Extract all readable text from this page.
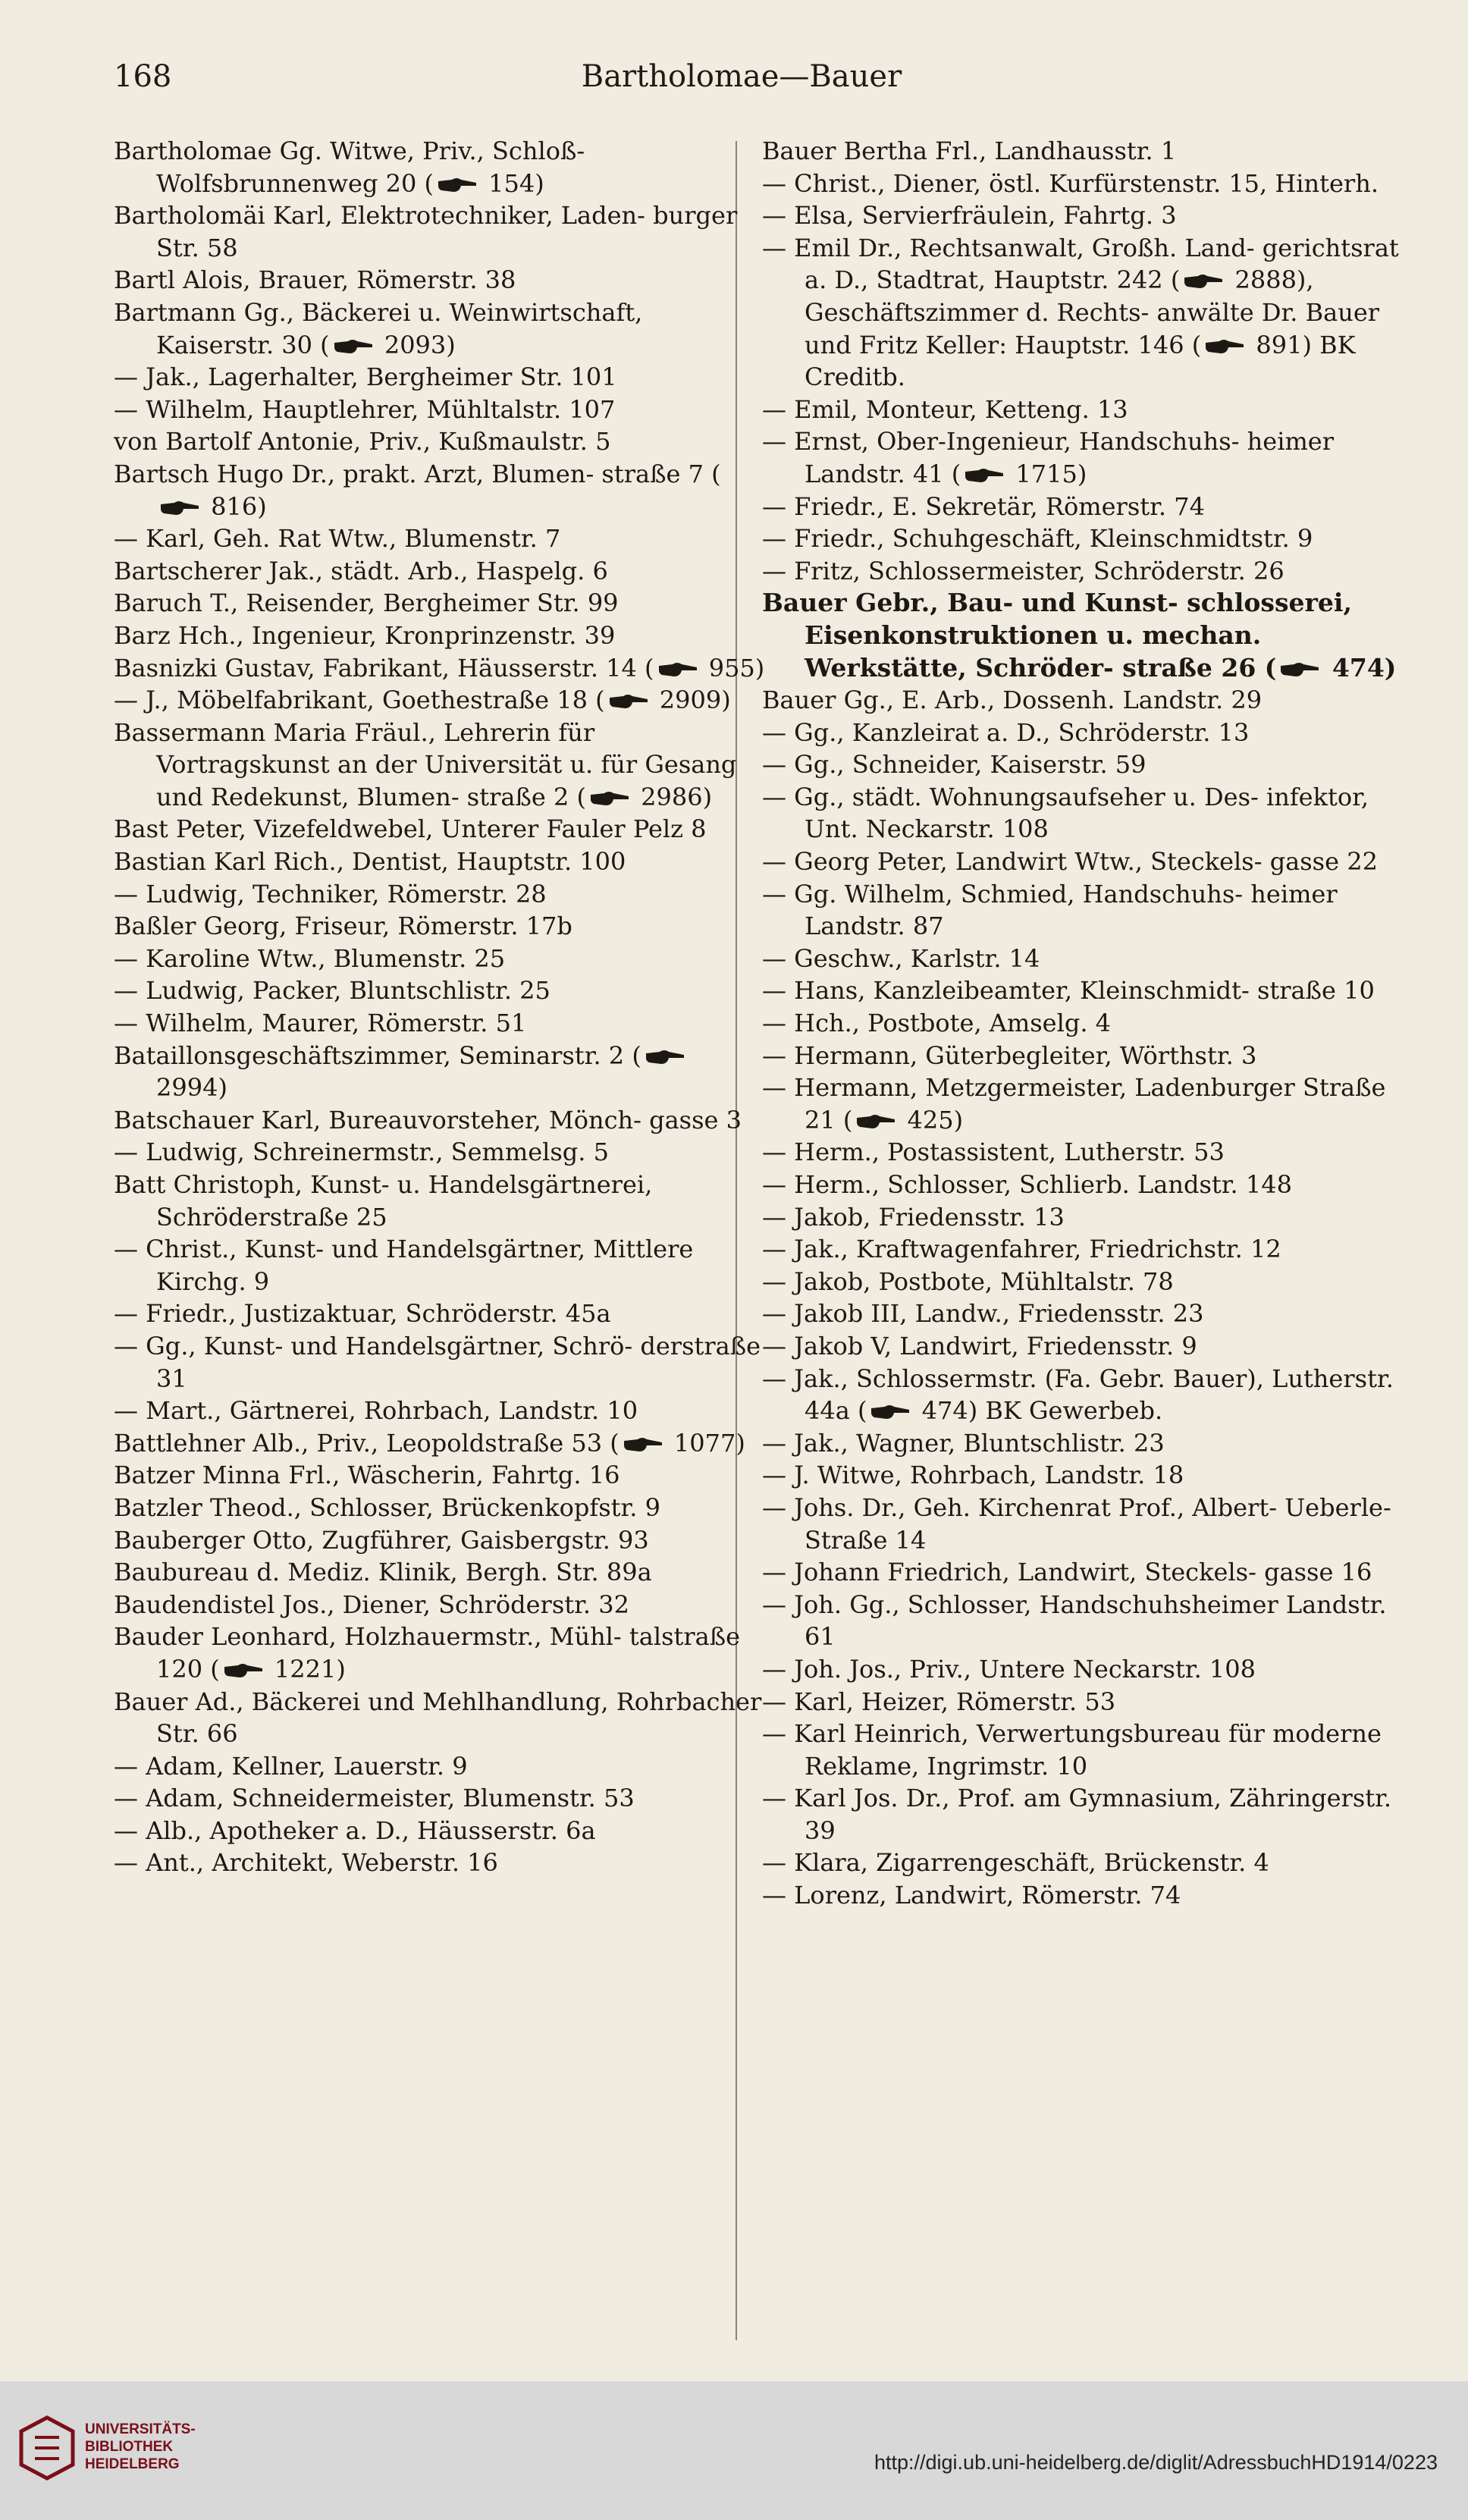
168	Bartholomae—Bauer

Bartholomae Gg. Witwe, Priv., Schloß- Wolfsbrunnenweg 20 ( 154)

Bartholomäi Karl, Elektrotechniker, Laden- burger Str. 58

Bartl Alois, Brauer, Römerstr. 38

Bartmann Gg., Bäckerei u. Weinwirtschaft, Kaiserstr. 30 ( 2093)

— Jak., Lagerhalter, Bergheimer Str. 101

— Wilhelm, Hauptlehrer, Mühltalstr. 107

von Bartolf Antonie, Priv., Kußmaulstr. 5

Bartsch Hugo Dr., prakt. Arzt, Blumen- straße 7 ( 816)

— Karl, Geh. Rat Wtw., Blumenstr. 7

Bartscherer Jak., städt. Arb., Haspelg. 6

Baruch T., Reisender, Bergheimer Str. 99

Barz Hch., Ingenieur, Kronprinzenstr. 39

Basnizki Gustav, Fabrikant, Häusserstr. 14 ( 955)

— J., Möbelfabrikant, Goethestraße 18 ( 2909)

Bassermann Maria Fräul., Lehrerin für Vortragskunst an der Universität u. für Gesang und Redekunst, Blumen- straße 2 ( 2986)

Bast Peter, Vizefeldwebel, Unterer Fauler Pelz 8

Bastian Karl Rich., Dentist, Hauptstr. 100

— Ludwig, Techniker, Römerstr. 28

Baßler Georg, Friseur, Römerstr. 17b

— Karoline Wtw., Blumenstr. 25

— Ludwig, Packer, Bluntschlistr. 25

— Wilhelm, Maurer, Römerstr. 51

Bataillonsgeschäftszimmer, Seminarstr. 2 ( 2994)

Batschauer Karl, Bureauvorsteher, Mönch- gasse 3

— Ludwig, Schreinermstr., Semmelsg. 5

Batt Christoph, Kunst- u. Handelsgärtnerei, Schröderstraße 25

— Christ., Kunst- und Handelsgärtner, Mittlere Kirchg. 9

— Friedr., Justizaktuar, Schröderstr. 45a

— Gg., Kunst- und Handelsgärtner, Schrö- derstraße 31

— Mart., Gärtnerei, Rohrbach, Landstr. 10

Battlehner Alb., Priv., Leopoldstraße 53 ( 1077)

Batzer Minna Frl., Wäscherin, Fahrtg. 16

Batzler Theod., Schlosser, Brückenkopfstr. 9

Bauberger Otto, Zugführer, Gaisbergstr. 93

Baubureau d. Mediz. Klinik, Bergh. Str. 89a

Baudendistel Jos., Diener, Schröderstr. 32

Bauder Leonhard, Holzhauermstr., Mühl- talstraße 120 ( 1221)

Bauer Ad., Bäckerei und Mehlhandlung, Rohrbacher Str. 66

— Adam, Kellner, Lauerstr. 9

— Adam, Schneidermeister, Blumenstr. 53

— Alb., Apotheker a. D., Häusserstr. 6a

— Ant., Architekt, Weberstr. 16

Bauer Bertha Frl., Landhausstr. 1

— Christ., Diener, östl. Kurfürstenstr. 15, Hinterh.

— Elsa, Servierfräulein, Fahrtg. 3

— Emil Dr., Rechtsanwalt, Großh. Land- gerichtsrat a. D., Stadtrat, Hauptstr. 242 ( 2888), Geschäftszimmer d. Rechts- anwälte Dr. Bauer und Fritz Keller: Hauptstr. 146 ( 891) BK Creditb.

— Emil, Monteur, Ketteng. 13

— Ernst, Ober-Ingenieur, Handschuhs- heimer Landstr. 41 ( 1715)

— Friedr., E. Sekretär, Römerstr. 74

— Friedr., Schuhgeschäft, Kleinschmidtstr. 9

— Fritz, Schlossermeister, Schröderstr. 26

Bauer Gebr., Bau- und Kunst- schlosserei, Eisenkonstruktionen u. mechan. Werkstätte, Schröder- straße 26 ( 474)

Bauer Gg., E. Arb., Dossenh. Landstr. 29

— Gg., Kanzleirat a. D., Schröderstr. 13

— Gg., Schneider, Kaiserstr. 59

— Gg., städt. Wohnungsaufseher u. Des- infektor, Unt. Neckarstr. 108

— Georg Peter, Landwirt Wtw., Steckels- gasse 22

— Gg. Wilhelm, Schmied, Handschuhs- heimer Landstr. 87

— Geschw., Karlstr. 14

— Hans, Kanzleibeamter, Kleinschmidt- straße 10

— Hch., Postbote, Amselg. 4

— Hermann, Güterbegleiter, Wörthstr. 3

— Hermann, Metzgermeister, Ladenburger Straße 21 ( 425)

— Herm., Postassistent, Lutherstr. 53

— Herm., Schlosser, Schlierb. Landstr. 148

— Jakob, Friedensstr. 13

— Jak., Kraftwagenfahrer, Friedrichstr. 12

— Jakob, Postbote, Mühltalstr. 78

— Jakob III, Landw., Friedensstr. 23

— Jakob V, Landwirt, Friedensstr. 9

— Jak., Schlossermstr. (Fa. Gebr. Bauer), Lutherstr. 44a ( 474) BK Gewerbeb.

— Jak., Wagner, Bluntschlistr. 23

— J. Witwe, Rohrbach, Landstr. 18

— Johs. Dr., Geh. Kirchenrat Prof., Albert- Ueberle-Straße 14

— Johann Friedrich, Landwirt, Steckels- gasse 16

— Joh. Gg., Schlosser, Handschuhsheimer Landstr. 61

— Joh. Jos., Priv., Untere Neckarstr. 108

— Karl, Heizer, Römerstr. 53

— Karl Heinrich, Verwertungsbureau für moderne Reklame, Ingrimstr. 10

— Karl Jos. Dr., Prof. am Gymnasium, Zähringerstr. 39

— Klara, Zigarrengeschäft, Brückenstr. 4

— Lorenz, Landwirt, Römerstr. 74

UNIVERSITÄTS-
BIBLIOTHEK
HEIDELBERG	http://digi.ub.uni-heidelberg.de/diglit/AdressbuchHD1914/0223
